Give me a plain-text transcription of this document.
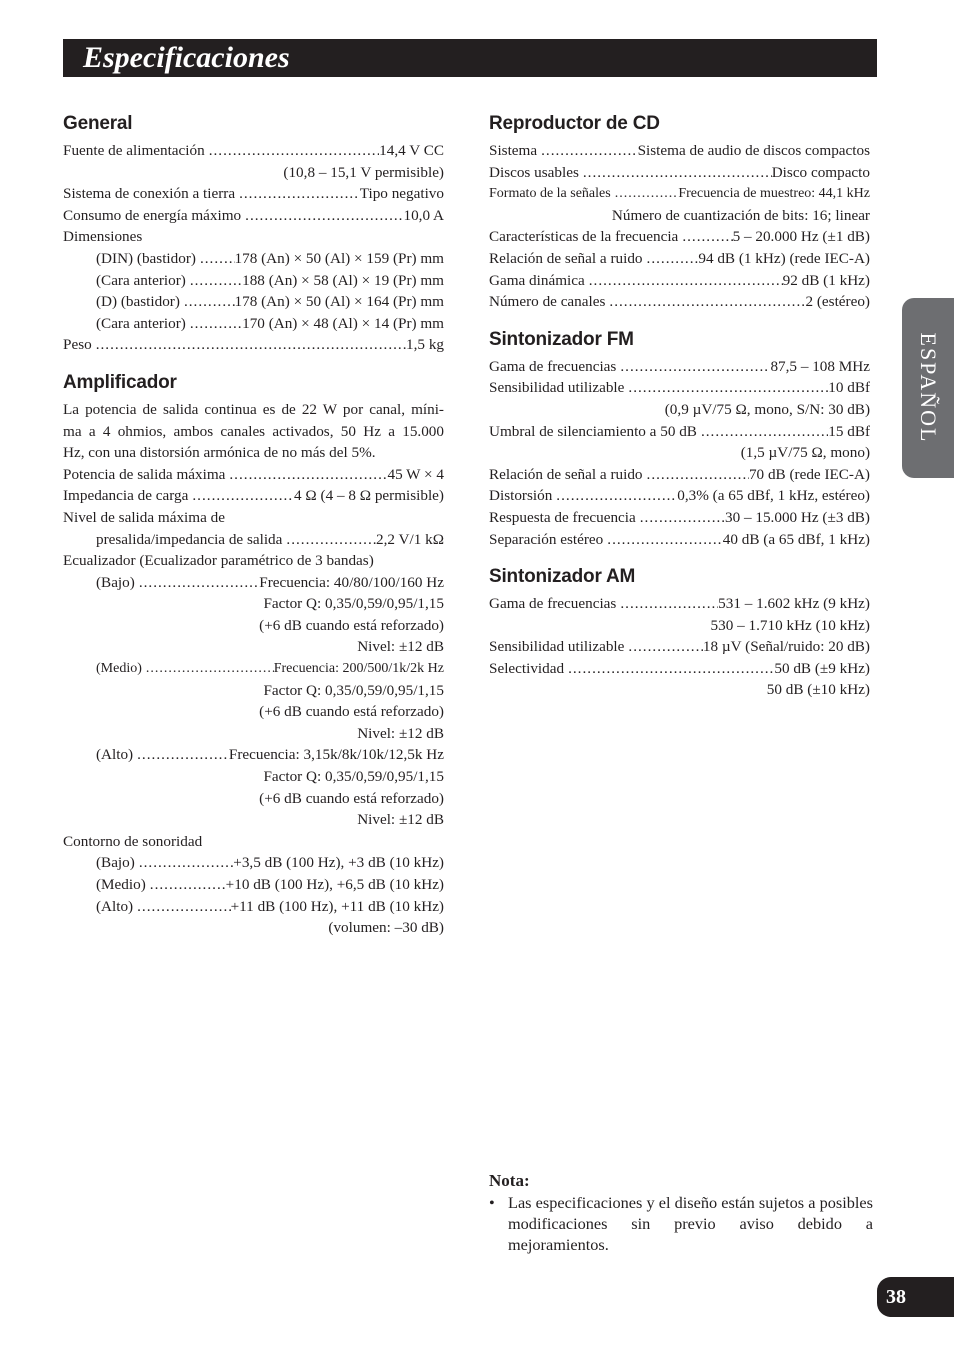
Especificaciones
General
Fuente de alimentación .....	14,4 V CC
(10,8 – 15,1 V permisible)
Sistema de conexión a tierra .....	Tipo negativo
Consumo de energía máximo .....	10,0 A
Dimensiones
(DIN) (bastidor) .....	178 (An) × 50 (Al) × 159 (Pr) mm
(Cara anterior) .....	188 (An) × 58 (Al) × 19 (Pr) mm
(D) (bastidor) .....	178 (An) × 50 (Al) × 164 (Pr) mm
(Cara anterior) .....	170 (An) × 48 (Al) × 14 (Pr) mm
Peso .....	1,5 kg
Amplificador
La potencia de salida continua es de 22 W por canal, míni-
ma a 4 ohmios, ambos canales activados, 50 Hz a 15.000
Hz, con una distorsión armónica de no más del 5%.
Potencia de salida máxima .....	45 W × 4
Impedancia de carga .....	4 Ω (4 – 8 Ω permisible)
Nivel de salida máxima de
presalida/impedancia de salida .....	2,2 V/1 kΩ
Ecualizador (Ecualizador paramétrico de 3 bandas)
(Bajo) .....	Frecuencia: 40/80/100/160 Hz
Factor Q: 0,35/0,59/0,95/1,15
(+6 dB cuando está reforzado)
Nivel: ±12 dB
(Medio) .....	Frecuencia: 200/500/1k/2k Hz
Factor Q: 0,35/0,59/0,95/1,15
(+6 dB cuando está reforzado)
Nivel: ±12 dB
(Alto) .....	Frecuencia: 3,15k/8k/10k/12,5k Hz
Factor Q: 0,35/0,59/0,95/1,15
(+6 dB cuando está reforzado)
Nivel: ±12 dB
Contorno de sonoridad
(Bajo) .....	+3,5 dB (100 Hz), +3 dB (10 kHz)
(Medio) .....	+10 dB (100 Hz), +6,5 dB (10 kHz)
(Alto) .....	+11 dB (100 Hz), +11 dB (10 kHz)
(volumen: –30 dB)
Reproductor de CD
Sistema .....	Sistema de audio de discos compactos
Discos usables .....	Disco compacto
Formato de la señales .....	Frecuencia de muestreo: 44,1 kHz
Número de cuantización de bits: 16; linear
Características de la frecuencia .....	5 – 20.000 Hz (±1 dB)
Relación de señal a ruido .....	94 dB (1 kHz) (rede IEC-A)
Gama dinámica .....	92 dB (1 kHz)
Número de canales .....	2 (estéreo)
Sintonizador FM
Gama de frecuencias .....	87,5 – 108 MHz
Sensibilidad utilizable .....	10 dBf
(0,9 µV/75 Ω, mono, S/N: 30 dB)
Umbral de silenciamiento a 50 dB .....	15 dBf
(1,5 µV/75 Ω, mono)
Relación de señal a ruido .....	70 dB (rede IEC-A)
Distorsión .....	0,3% (a 65 dBf, 1 kHz, estéreo)
Respuesta de frecuencia .....	30 – 15.000 Hz (±3 dB)
Separación estéreo .....	40 dB (a 65 dBf, 1 kHz)
Sintonizador AM
Gama de frecuencias .....	531 – 1.602 kHz (9 kHz)
530 – 1.710 kHz (10 kHz)
Sensibilidad utilizable .....	18 µV (Señal/ruido: 20 dB)
Selectividad .....	50 dB (±9 kHz)
50 dB (±10 kHz)
Nota:
• Las especificaciones y el diseño están sujetos a posibles modificaciones sin previo aviso debido a mejoramientos.
ESPAÑOL
38
